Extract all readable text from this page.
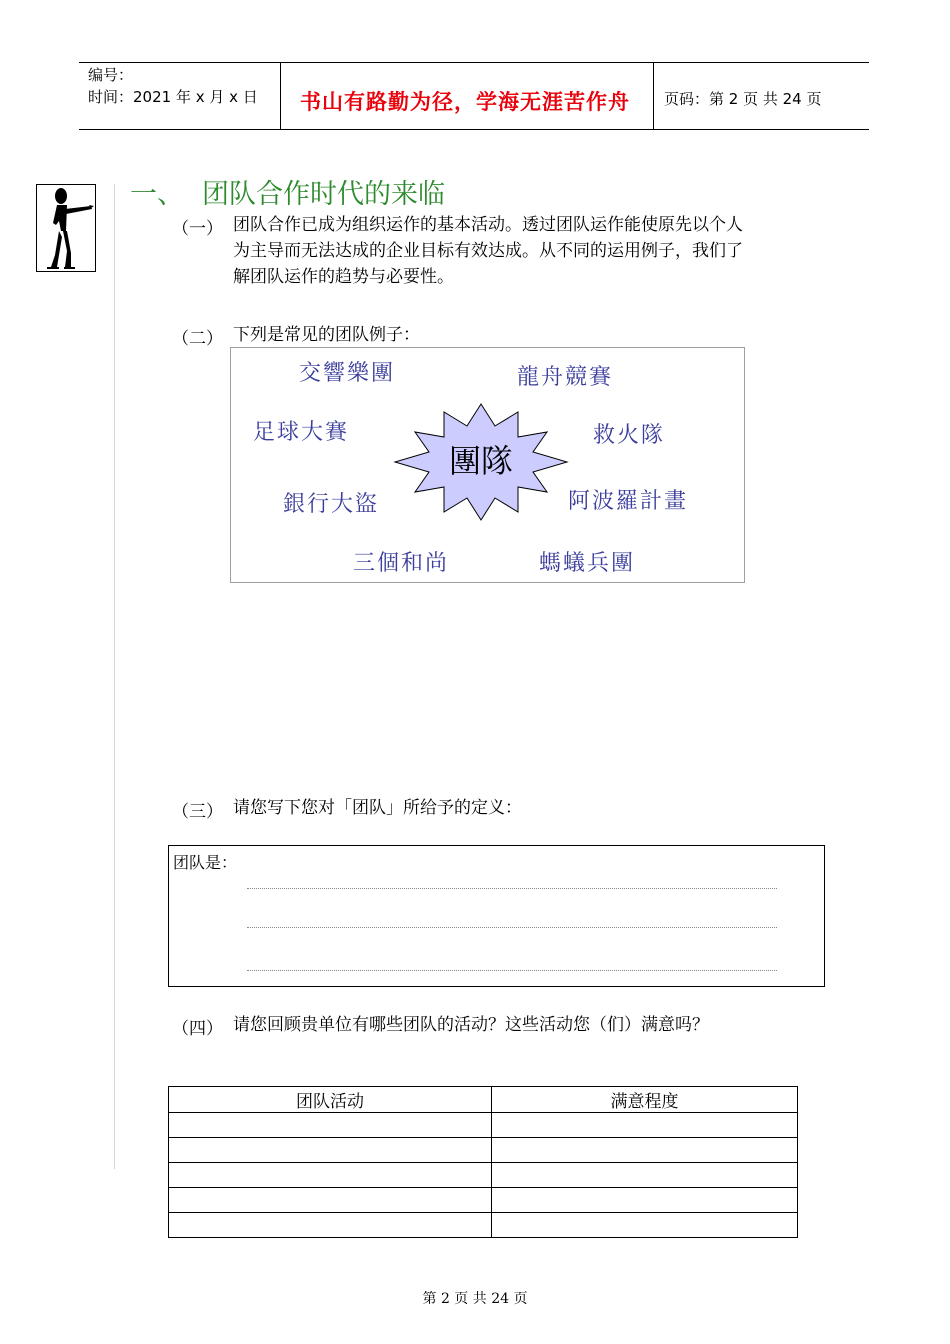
编号：
时间：2021 年 x 月 x 日 书山有路勤为径，学海无涯苦作舟 页码：第 2 页 共 24 页
一、 团队合作时代的来临
（一） 团队合作已成为组织运作的基本活动。透过团队运作能使原先以个人
为主导而无法达成的企业目标有效达成。从不同的运用例子，我们了
解团队运作的趋势与必要性。
（二） 下列是常见的团队例子：
交響樂團	龍舟競賽
足球大賽	救火隊
銀行大盜	阿波羅計畫
三個和尚	螞蟻兵團
團隊
（三） 请您写下您对「团队」所给予的定义：
团队是：
（四） 请您回顾贵单位有哪些团队的活动？这些活动您（们）满意吗？
团队活动	满意程度

第 2 页 共 24 页
